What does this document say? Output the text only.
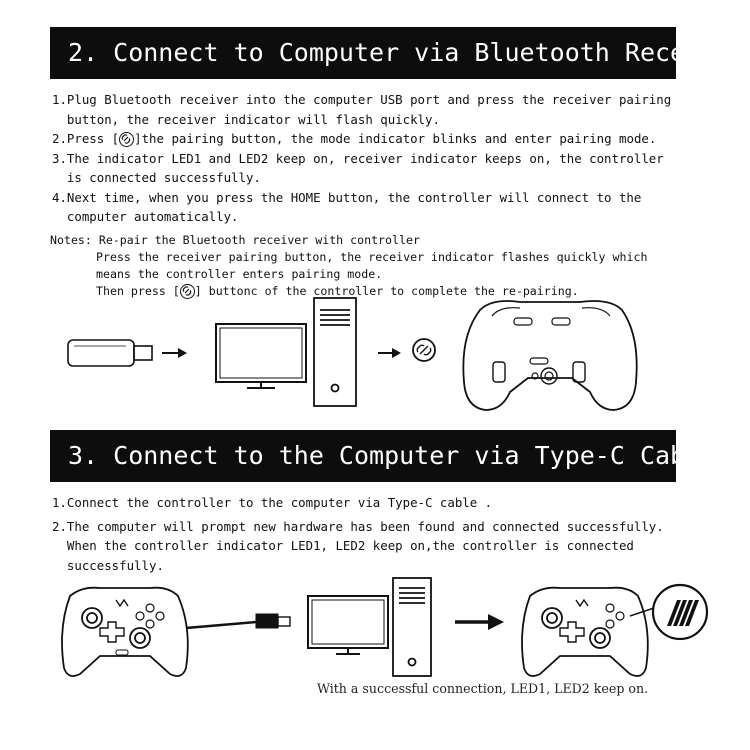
2. Connect to Computer via Bluetooth Receiver
1. Plug Bluetooth receiver into the computer USB port and press the receiver pairing button, the receiver indicator will flash quickly.
2. Press [ ]the pairing button, the mode indicator blinks and enter pairing mode.
3. The indicator LED1 and LED2 keep on, receiver indicator keeps on, the controller is connected successfully.
4. Next time, when you press the HOME button, the controller will connect to the computer automatically.
Notes: Re-pair the Bluetooth receiver with controller
Press the receiver pairing button, the receiver indicator flashes quickly which
means the controller enters pairing mode.
Then press [ ] buttonc of the controller to complete the re-pairing.
3. Connect to the Computer via Type-C Cable
1. Connect the controller to the computer via Type-C cable .
2. The computer will prompt new hardware has been found and connected successfully. When the controller indicator LED1, LED2 keep on,the controller is connected successfully.
With a successful connection, LED1, LED2 keep on.
